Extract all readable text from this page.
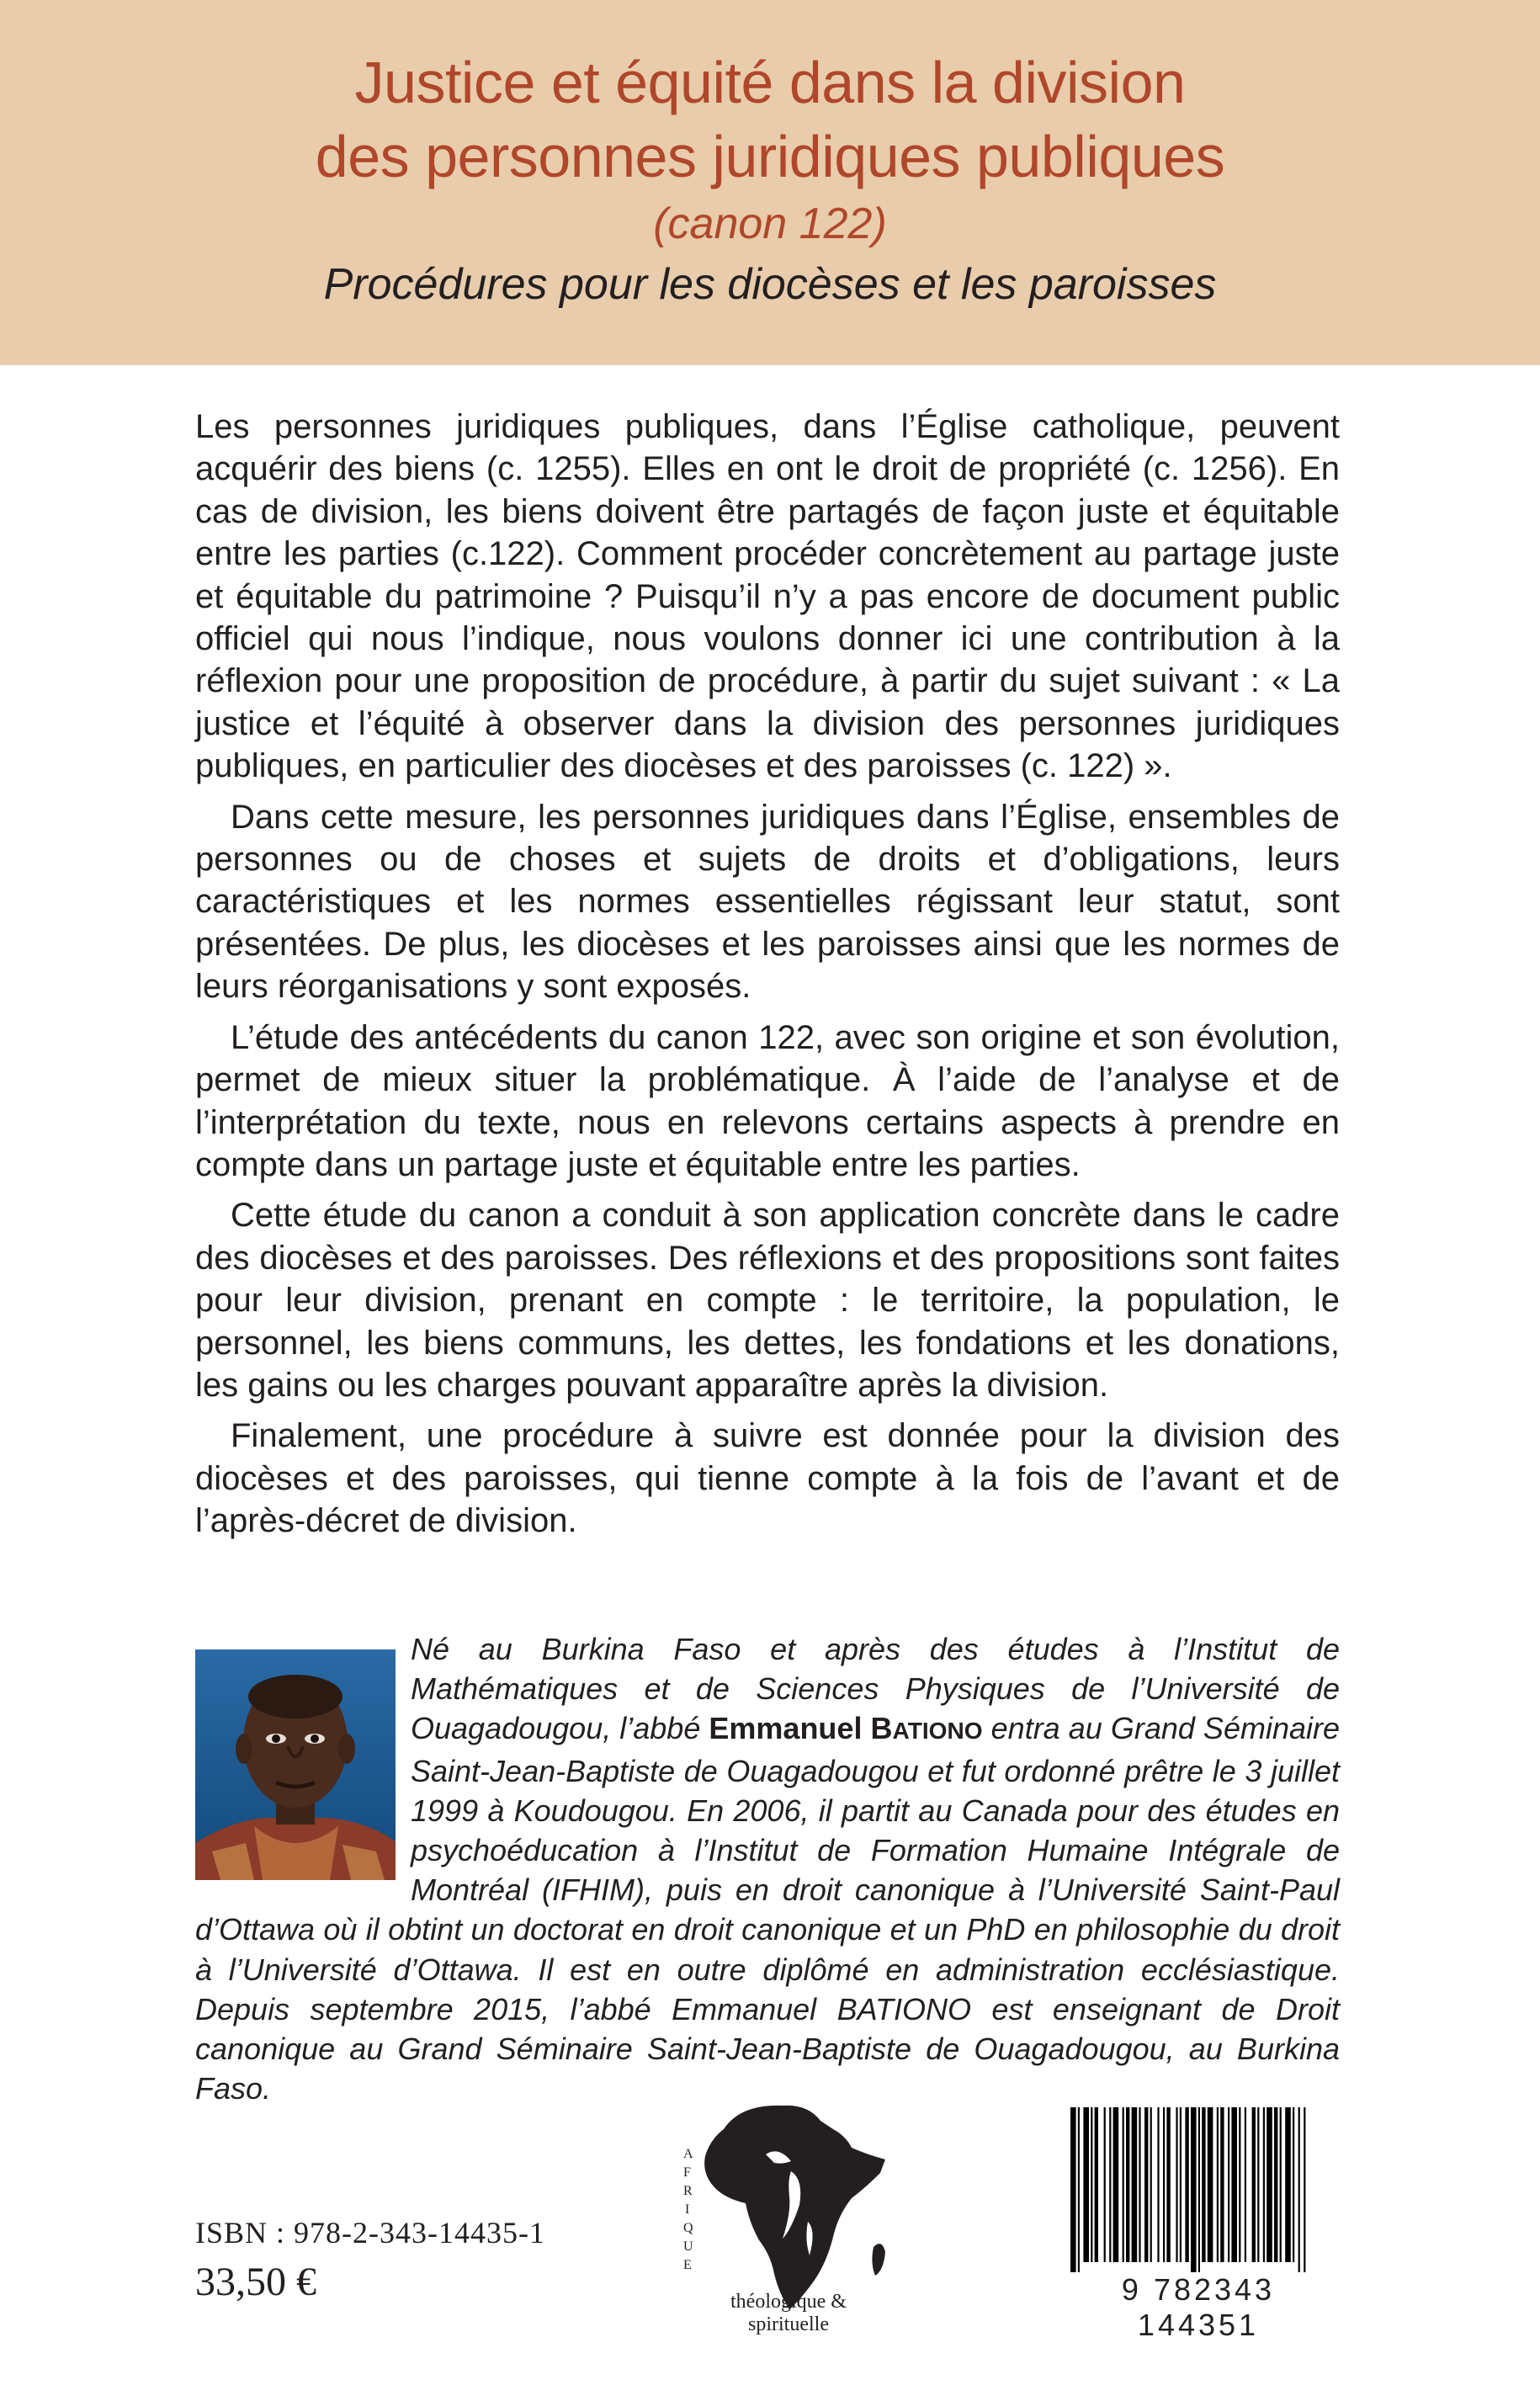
Justice et équité dans la division
des personnes juridiques publiques
(canon 122)
Procédures pour les diocèses et les paroisses

Les personnes juridiques publiques, dans l’Église catholique, peuvent acquérir des biens (c. 1255). Elles en ont le droit de propriété (c. 1256). En cas de division, les biens doivent être partagés de façon juste et équitable entre les parties (c.122). Comment procéder concrètement au partage juste et équitable du patrimoine ? Puisqu’il n’y a pas encore de document public officiel qui nous l’indique, nous voulons donner ici une contribution à la réflexion pour une proposition de procédure, à partir du sujet suivant : « La justice et l’équité à observer dans la division des personnes juridiques publiques, en particulier des diocèses et des paroisses (c. 122) ».

Dans cette mesure, les personnes juridiques dans l’Église, ensembles de personnes ou de choses et sujets de droits et d’obligations, leurs caractéristiques et les normes essentielles régissant leur statut, sont présentées. De plus, les diocèses et les paroisses ainsi que les normes de leurs réorganisations y sont exposés.

L’étude des antécédents du canon 122, avec son origine et son évolution, permet de mieux situer la problématique. À l’aide de l’analyse et de l’interprétation du texte, nous en relevons certains aspects à prendre en compte dans un partage juste et équitable entre les parties.

Cette étude du canon a conduit à son application concrète dans le cadre des diocèses et des paroisses. Des réflexions et des propositions sont faites pour leur division, prenant en compte : le territoire, la population, le personnel, les biens communs, les dettes, les fondations et les donations, les gains ou les charges pouvant apparaître après la division.

Finalement, une procédure à suivre est donnée pour la division des diocèses et des paroisses, qui tienne compte à la fois de l’avant et de l’après-décret de division.

Né au Burkina Faso et après des études à l’Institut de Mathématiques et de Sciences Physiques de l’Université de Ouagadougou, l’abbé Emmanuel BATIONO entra au Grand Séminaire Saint-Jean-Baptiste de Ouagadougou et fut ordonné prêtre le 3 juillet 1999 à Koudougou. En 2006, il partit au Canada pour des études en psychoéducation à l’Institut de Formation Humaine Intégrale de Montréal (IFHIM), puis en droit canonique à l’Université Saint-Paul d’Ottawa où il obtint un doctorat en droit canonique et un PhD en philosophie du droit à l’Université d’Ottawa. Il est en outre diplômé en administration ecclésiastique. Depuis septembre 2015, l’abbé Emmanuel BATIONO est enseignant de Droit canonique au Grand Séminaire Saint-Jean-Baptiste de Ouagadougou, au Burkina Faso.
A
F
R
I
Q
U
E
théologique & spirituelle
ISBN : 978-2-343-14435-1
33,50 €	9 782343 144351
